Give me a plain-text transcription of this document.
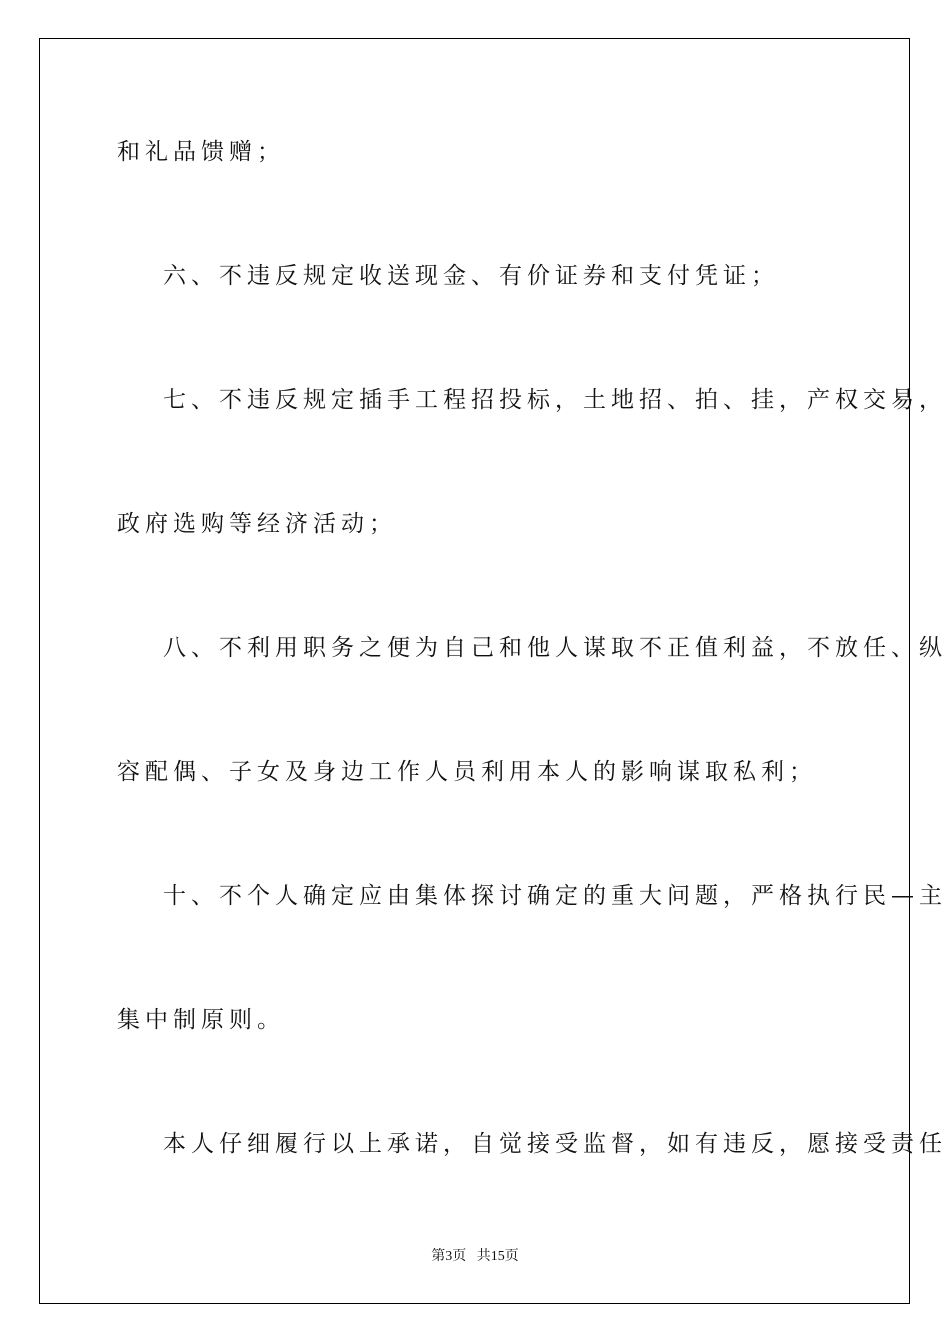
和礼品馈赠；

六、不违反规定收送现金、有价证券和支付凭证；

七、不违反规定插手工程招投标，土地招、拍、挂，产权交易，

政府选购等经济活动；

八、不利用职务之便为自己和他人谋取不正值利益，不放任、纵

容配偶、子女及身边工作人员利用本人的影响谋取私利；

十、不个人确定应由集体探讨确定的重大问题，严格执行民—主

集中制原则。

本人仔细履行以上承诺，自觉接受监督，如有违反，愿接受责任

第3页 共15页
